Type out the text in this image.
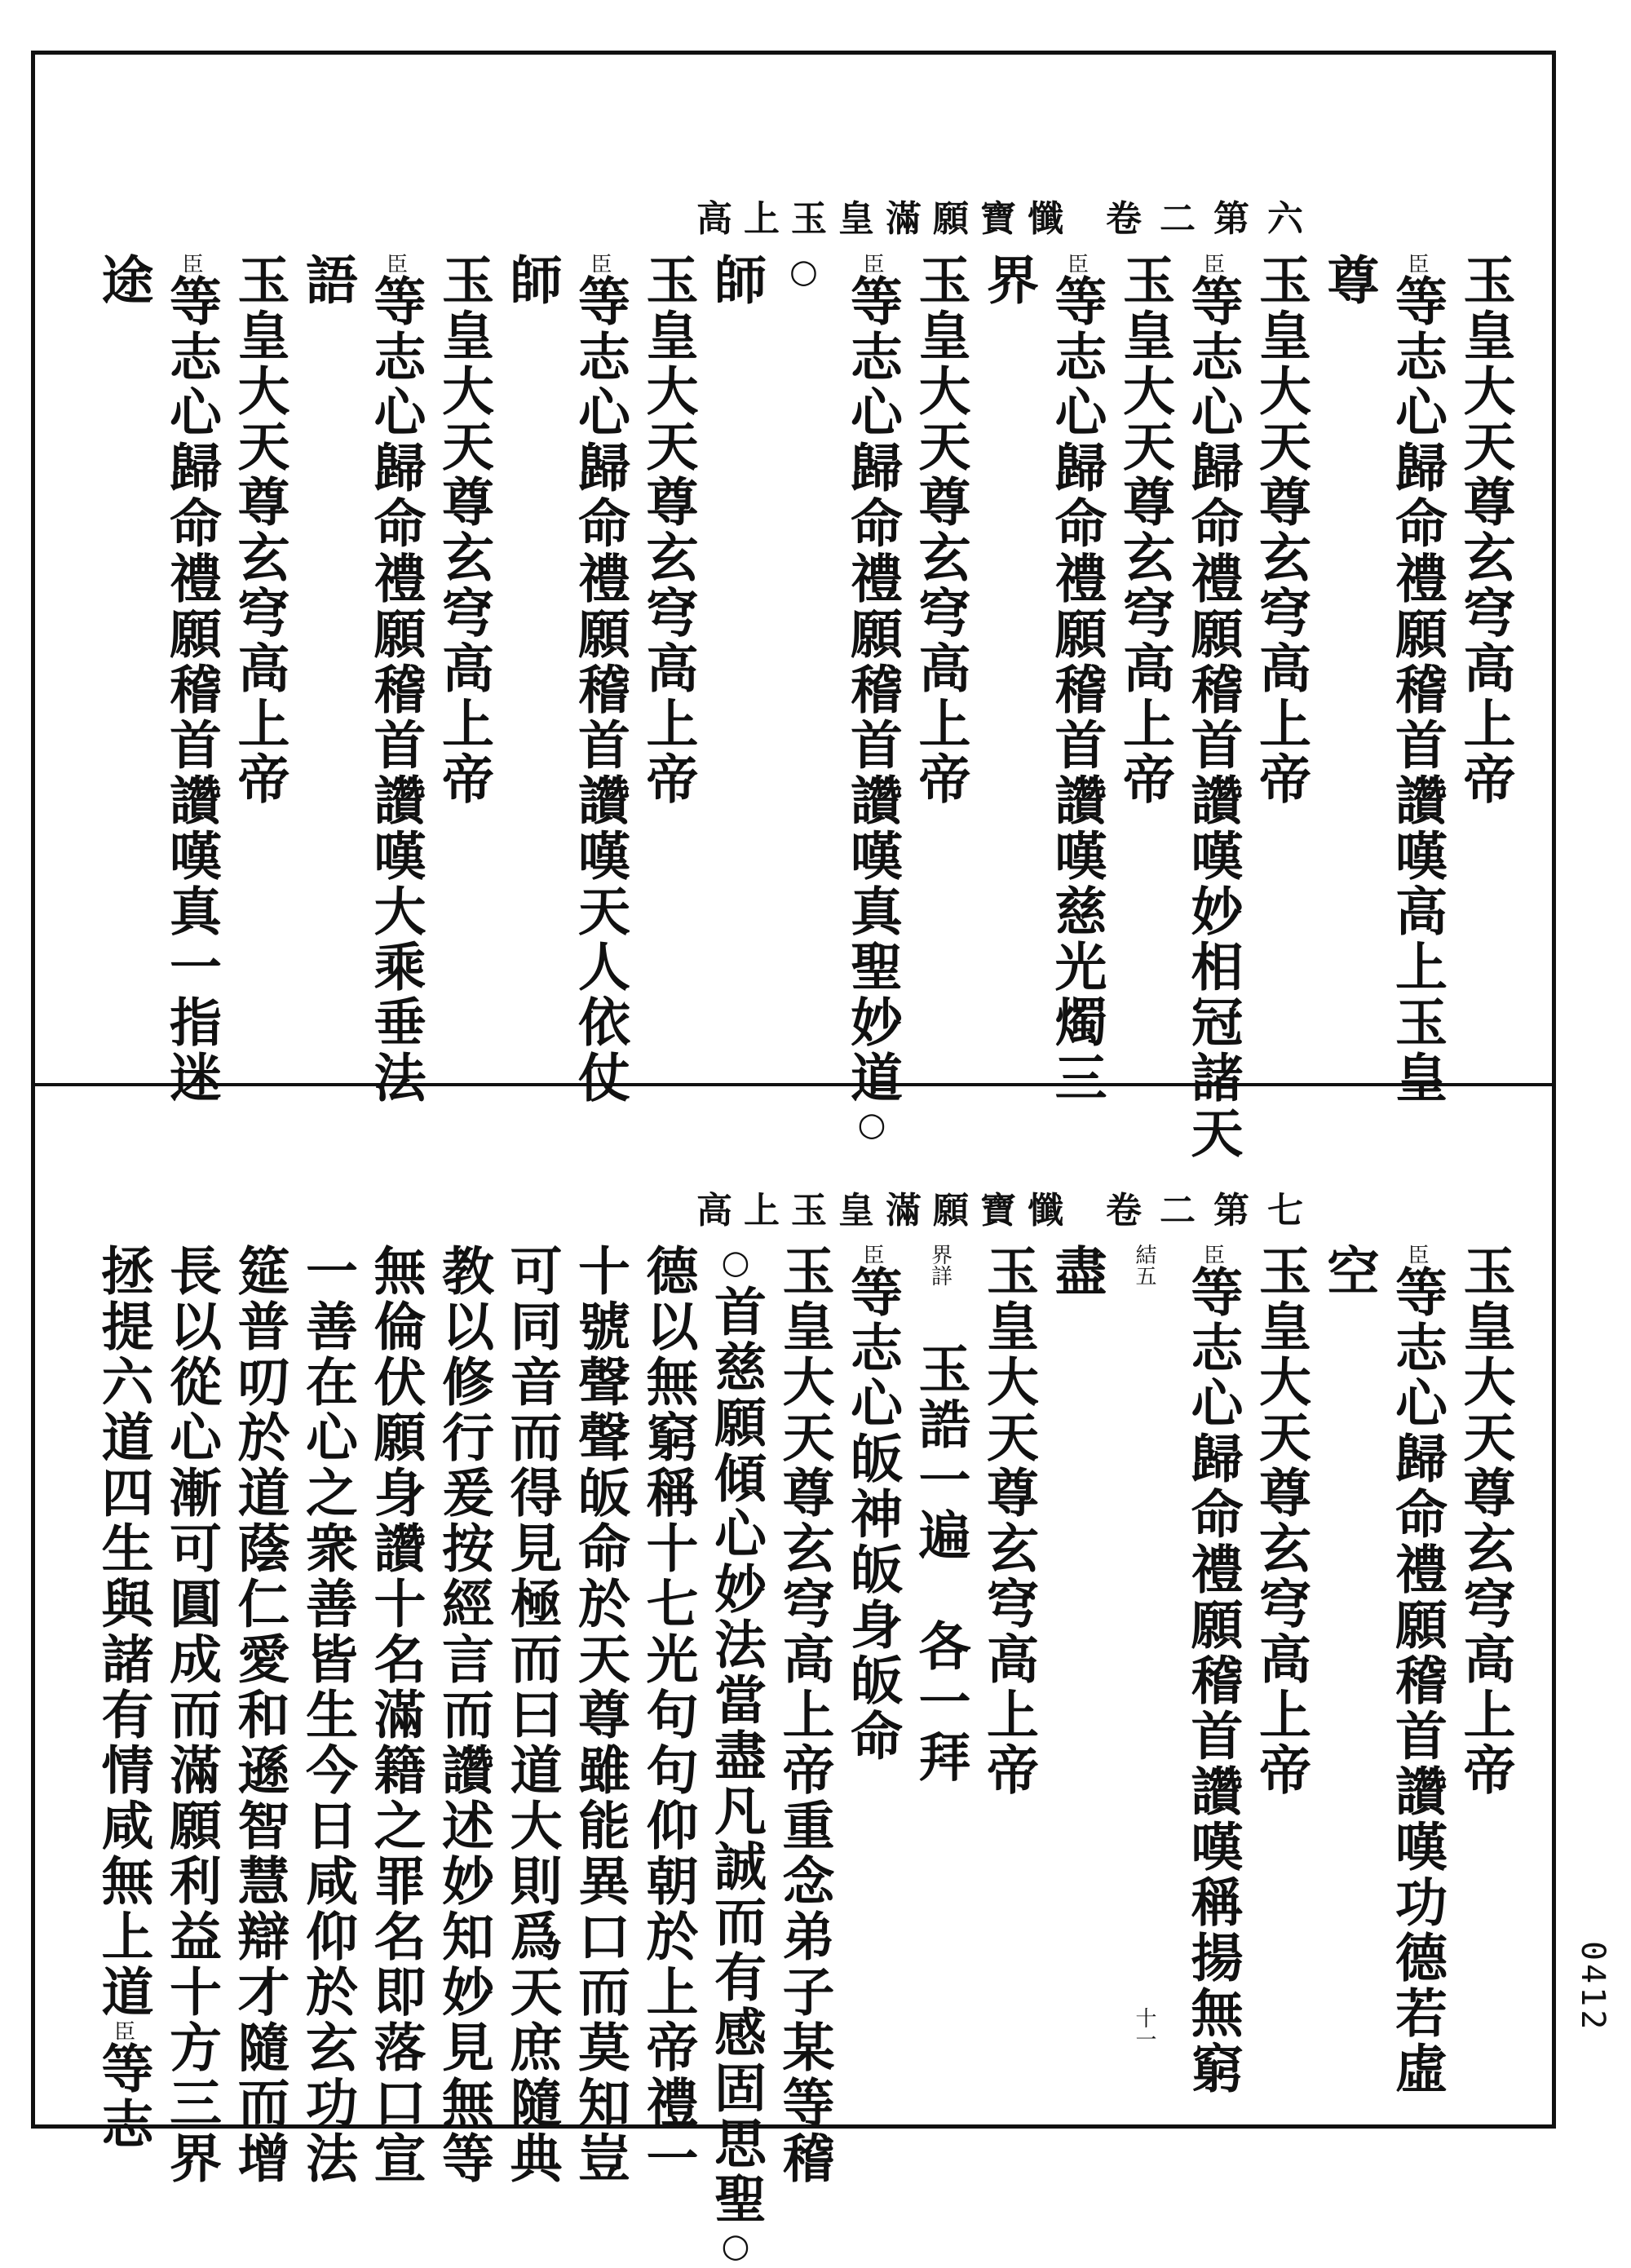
高上玉皇滿願寶懺 卷二第六
玉皇大天尊玄穹高上帝
臣等志心歸命禮願稽首讚嘆高上玉皇
尊
玉皇大天尊玄穹高上帝
臣等志心歸命禮願稽首讚嘆妙相冠諸天
玉皇大天尊玄穹高上帝
臣等志心歸命禮願稽首讚嘆慈光燭三
界
玉皇大天尊玄穹高上帝
臣等志心歸命禮願稽首讚嘆真聖妙道○
○
師
玉皇大天尊玄穹高上帝
臣等志心歸命禮願稽首讚嘆天人依仗
師
玉皇大天尊玄穹高上帝
臣等志心歸命禮願稽首讚嘆大乘垂法
語
玉皇大天尊玄穹高上帝
臣等志心歸命禮願稽首讚嘆真一指迷
途
高上玉皇滿願寶懺 卷二第七
玉皇大天尊玄穹高上帝
臣等志心歸命禮願稽首讚嘆功德若虛
空
玉皇大天尊玄穹高上帝
臣等志心歸命禮願稽首讚嘆稱揚無窮
結五　　　　　　　　　　　　　十一
盡
玉皇大天尊玄穹高上帝
界詳　玉誥一遍　各一拜
臣等志心皈神皈身皈命
玉皇大天尊玄穹高上帝重念弟子某等稽
○首慈願傾心妙法當盡凡誠而有感固思聖○
德以無窮稱十七光句句仰朝於上帝禮一
十號聲聲皈命於天尊雖能異口而莫知豈
可同音而得見極而曰道大則爲天庶隨典
教以修行爰按經言而讚述妙知妙見無等
無倫伏願身讚十名滿籍之罪名即落口宣
一善在心之衆善皆生今日咸仰於玄功法
筵普叨於道蔭仁愛和遜智慧辯才隨而增
長以從心漸可圓成而滿願利益十方三界
拯提六道四生與諸有情咸無上道臣等志
0412
